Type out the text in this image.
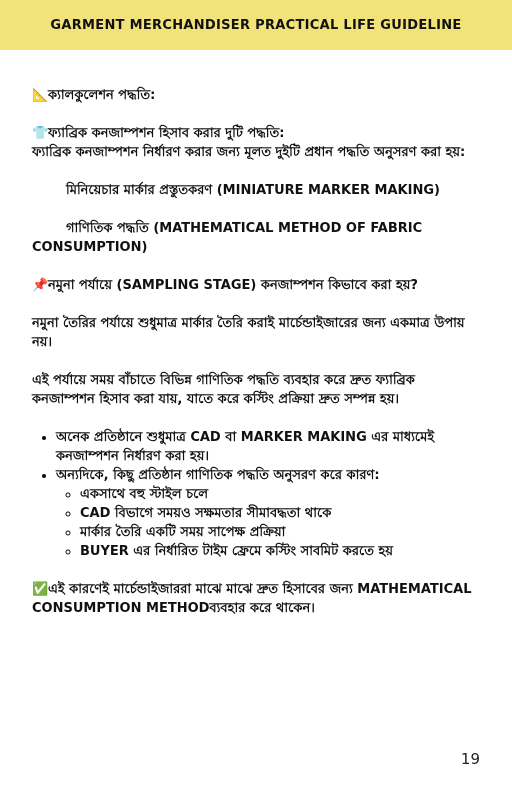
GARMENT MERCHANDISER PRACTICAL LIFE GUIDELINE

📐ক্যালকুলেশন পদ্ধতি:

👕ফ্যাব্রিক কনজাম্পশন হিসাব করার দুটি পদ্ধতি:

ফ্যাব্রিক কনজাম্পশন নির্ধারণ করার জন্য মূলত দুইটি প্রধান পদ্ধতি অনুসরণ করা হয়:

মিনিয়েচার মার্কার প্রস্তুতকরণ (MINIATURE MARKER MAKING)

গাণিতিক পদ্ধতি (MATHEMATICAL METHOD OF FABRIC CONSUMPTION)

📌নমুনা পর্যায়ে (SAMPLING STAGE) কনজাম্পশন কিভাবে করা হয়?

নমুনা তৈরির পর্যায়ে শুধুমাত্র মার্কার তৈরি করাই মার্চেন্ডাইজারের জন্য একমাত্র উপায় নয়।

এই পর্যায়ে সময় বাঁচাতে বিভিন্ন গাণিতিক পদ্ধতি ব্যবহার করে দ্রুত ফ্যাব্রিক কনজাম্পশন হিসাব করা যায়, যাতে করে কস্টিং প্রক্রিয়া দ্রুত সম্পন্ন হয়।

• অনেক প্রতিষ্ঠানে শুধুমাত্র CAD বা MARKER MAKING এর মাধ্যমেই কনজাম্পশন নির্ধারণ করা হয়।
• অন্যদিকে, কিছু প্রতিষ্ঠান গাণিতিক পদ্ধতি অনুসরণ করে কারণ:
◦ একসাথে বহু স্টাইল চলে
◦ CAD বিভাগে সময়ও সক্ষমতার সীমাবদ্ধতা থাকে
◦ মার্কার তৈরি একটি সময় সাপেক্ষ প্রক্রিয়া
◦ BUYER এর নির্ধারিত টাইম ফ্রেমে কস্টিং সাবমিট করতে হয়

✅এই কারণেই মার্চেন্ডাইজাররা মাঝে মাঝে দ্রুত হিসাবের জন্য MATHEMATICAL CONSUMPTION METHODব্যবহার করে থাকেন।

19
